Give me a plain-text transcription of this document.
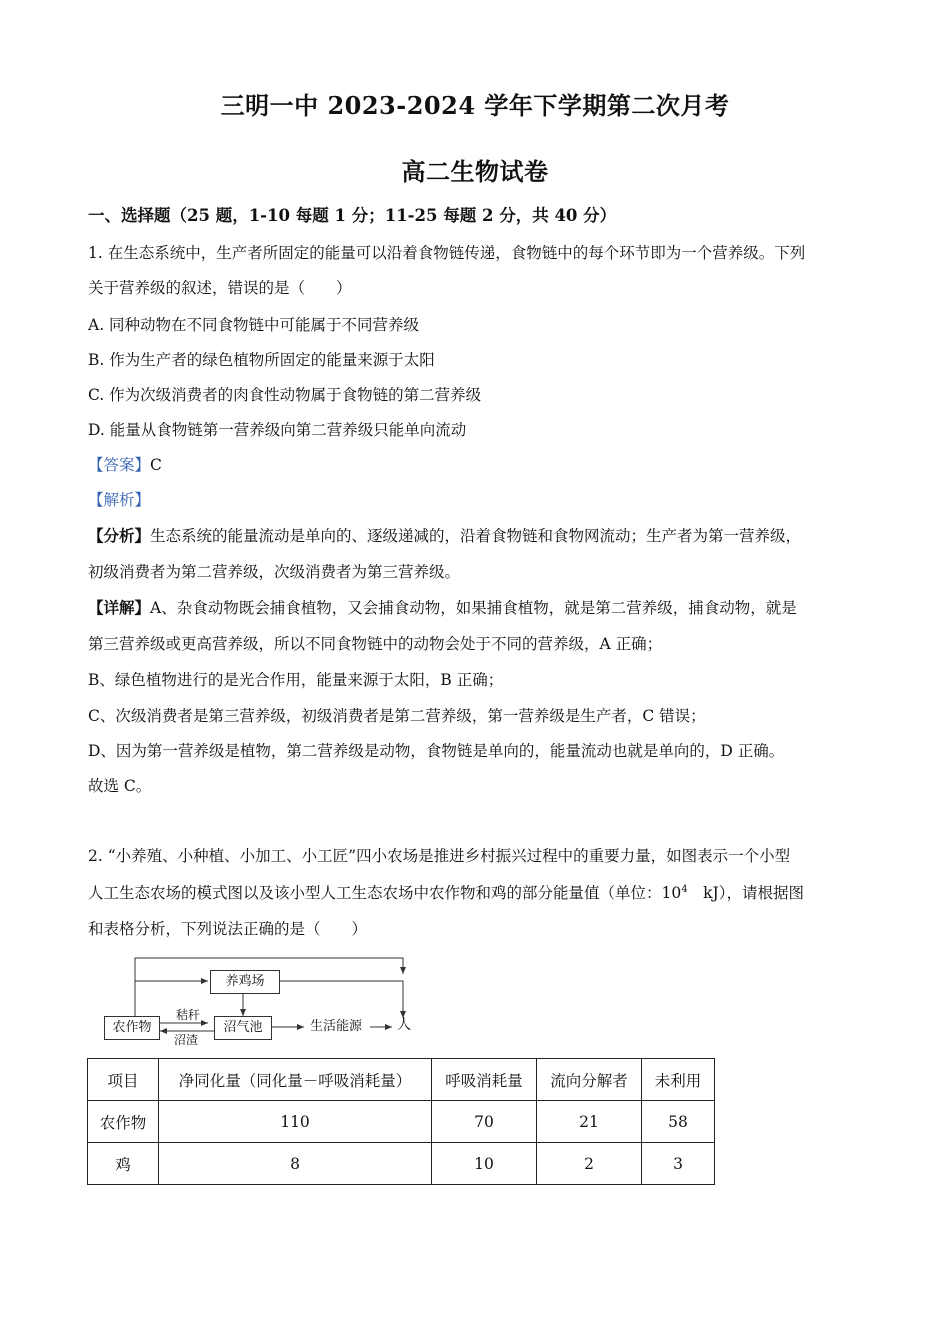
三明一中 2023-2024 学年下学期第二次月考
高二生物试卷
一、选择题（25 题，1-10 每题 1 分；11-25 每题 2 分，共 40 分）
1. 在生态系统中，生产者所固定的能量可以沿着食物链传递，食物链中的每个环节即为一个营养级。下列
关于营养级的叙述，错误的是（　　）
A. 同种动物在不同食物链中可能属于不同营养级
B. 作为生产者的绿色植物所固定的能量来源于太阳
C. 作为次级消费者的肉食性动物属于食物链的第二营养级
D. 能量从食物链第一营养级向第二营养级只能单向流动
【答案】C
【解析】
【分析】生态系统的能量流动是单向的、逐级递减的，沿着食物链和食物网流动；生产者为第一营养级，
初级消费者为第二营养级，次级消费者为第三营养级。
【详解】A、杂食动物既会捕食植物，又会捕食动物，如果捕食植物，就是第二营养级，捕食动物，就是
第三营养级或更高营养级，所以不同食物链中的动物会处于不同的营养级，A 正确；
B、绿色植物进行的是光合作用，能量来源于太阳，B 正确；
C、次级消费者是第三营养级，初级消费者是第二营养级，第一营养级是生产者，C 错误；
D、因为第一营养级是植物，第二营养级是动物，食物链是单向的，能量流动也就是单向的，D 正确。
故选 C。
2. “小养殖、小种植、小加工、小工匠”四小农场是推进乡村振兴过程中的重要力量，如图表示一个小型
人工生态农场的模式图以及该小型人工生态农场中农作物和鸡的部分能量值（单位：$10^4$　kJ），请根据图
和表格分析，下列说法正确的是（　　）
养鸡场
农作物	沼气池
秸秆
沼渣
生活能源 人
项目	净同化量（同化量－呼吸消耗量）	呼吸消耗量	流向分解者	未利用
农作物	110	70	21	58
鸡	8	10	2	3
